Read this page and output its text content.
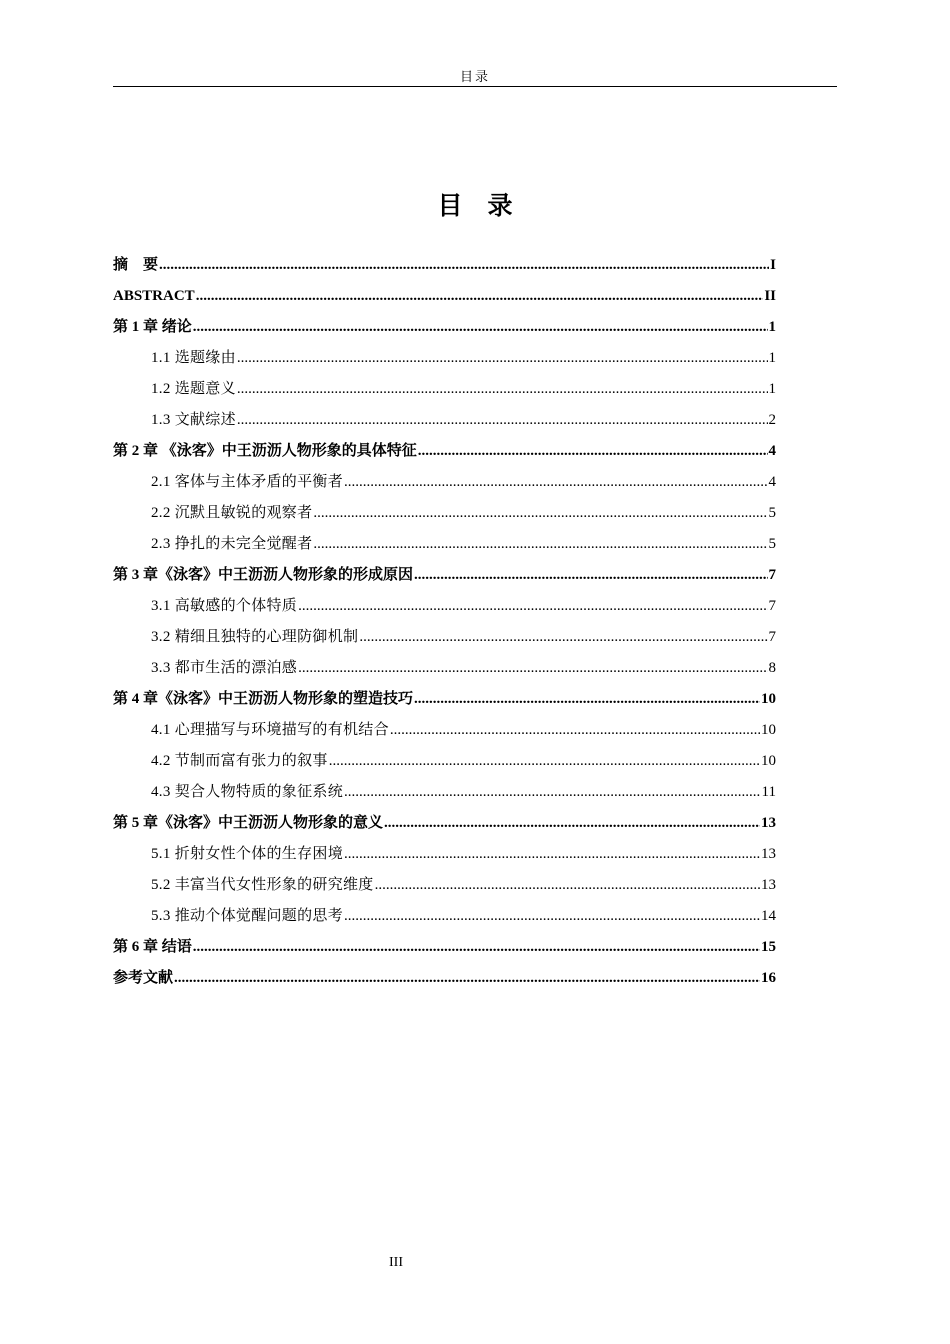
目录
目　录
摘　要 .....	I
ABSTRACT .....	II
第 1 章 绪论 .....	1
1.1 选题缘由 .....	1
1.2 选题意义 .....	1
1.3 文献综述 .....	2
第 2 章 《泳客》中王沥沥人物形象的具体特征 .....	4
2.1 客体与主体矛盾的平衡者 .....	4
2.2 沉默且敏锐的观察者 .....	5
2.3 挣扎的未完全觉醒者 .....	5
第 3 章《泳客》中王沥沥人物形象的形成原因 .....	7
3.1 高敏感的个体特质 .....	7
3.2 精细且独特的心理防御机制 .....	7
3.3 都市生活的漂泊感 .....	8
第 4 章《泳客》中王沥沥人物形象的塑造技巧 .....	10
4.1 心理描写与环境描写的有机结合 .....	10
4.2 节制而富有张力的叙事 .....	10
4.3 契合人物特质的象征系统 .....	11
第 5 章《泳客》中王沥沥人物形象的意义 .....	13
5.1 折射女性个体的生存困境 .....	13
5.2 丰富当代女性形象的研究维度 .....	13
5.3 推动个体觉醒问题的思考 .....	14
第 6 章 结语 .....	15
参考文献 .....	16
III
